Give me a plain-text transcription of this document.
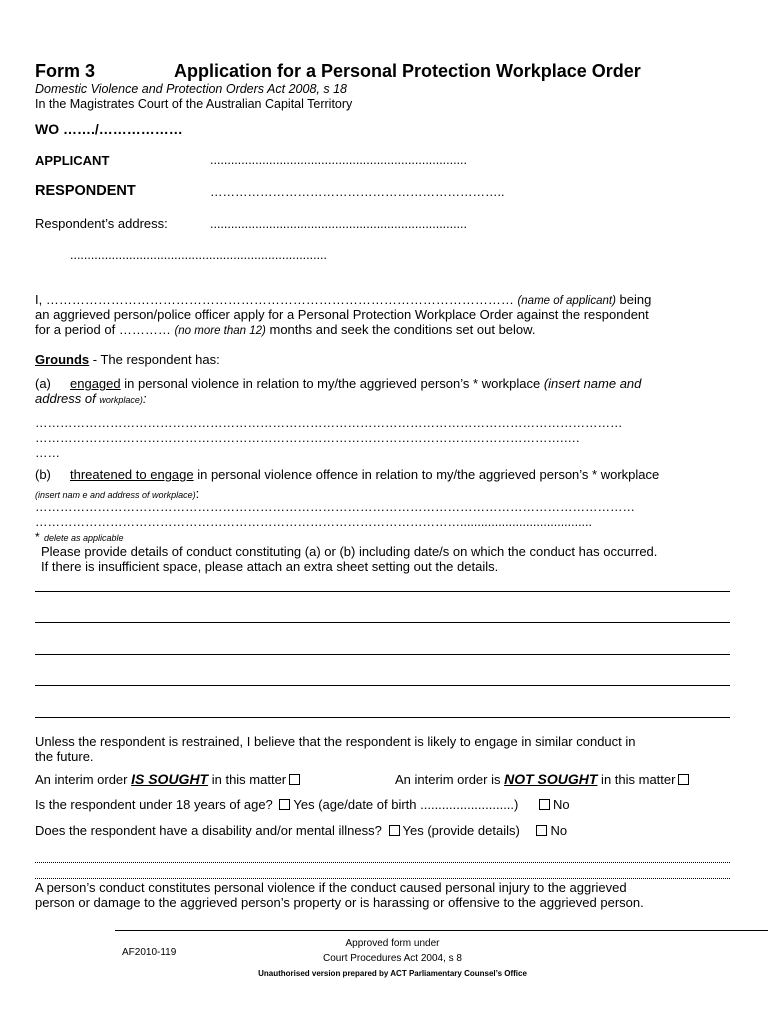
Form 3	Application for a Personal Protection Workplace Order
Domestic Violence and Protection Orders Act 2008, s 18
In the Magistrates Court of the Australian Capital Territory
WO ……./………………
APPLICANT	..........................................................................
RESPONDENT	……………………………………………………………..
Respondent’s address:	..........................................................................
..........................................................................
I, ……………………………………………………………………………………………… (name of applicant) being
an aggrieved person/police officer apply for a Personal Protection Workplace Order against the respondent
for a period of ………… (no more than 12) months and seek the conditions set out below.
Grounds - The respondent has:
(a) engaged in personal violence in relation to my/the aggrieved person’s * workplace (insert name and
address of workplace):
……………………………………………………………………………………………………………………………
……………………………………………………………………………………………………………….….
……
(b) threatened to engage in personal violence offence in relation to my/the aggrieved person’s * workplace
(insert nam e and address of workplace):
………………………………………………………………………………………………………………………………
…………………………………………………………………………………………......................................
* delete as applicable
Please provide details of conduct constituting (a) or (b) including date/s on which the conduct has occurred.
If there is insufficient space, please attach an extra sheet setting out the details.
Unless the respondent is restrained, I believe that the respondent is likely to engage in similar conduct in
the future.
An interim order IS SOUGHT in this matter	An interim order is NOT SOUGHT in this matter
Is the respondent under 18 years of age? Yes (age/date of birth ..........................)	No
Does the respondent have a disability and/or mental illness? Yes (provide details) No
A person’s conduct constitutes personal violence if the conduct caused personal injury to the aggrieved
person or damage to the aggrieved person’s property or is harassing or offensive to the aggrieved person.
AF2010-119
Approved form under
Court Procedures Act 2004, s 8
Unauthorised version prepared by ACT Parliamentary Counsel’s Office
